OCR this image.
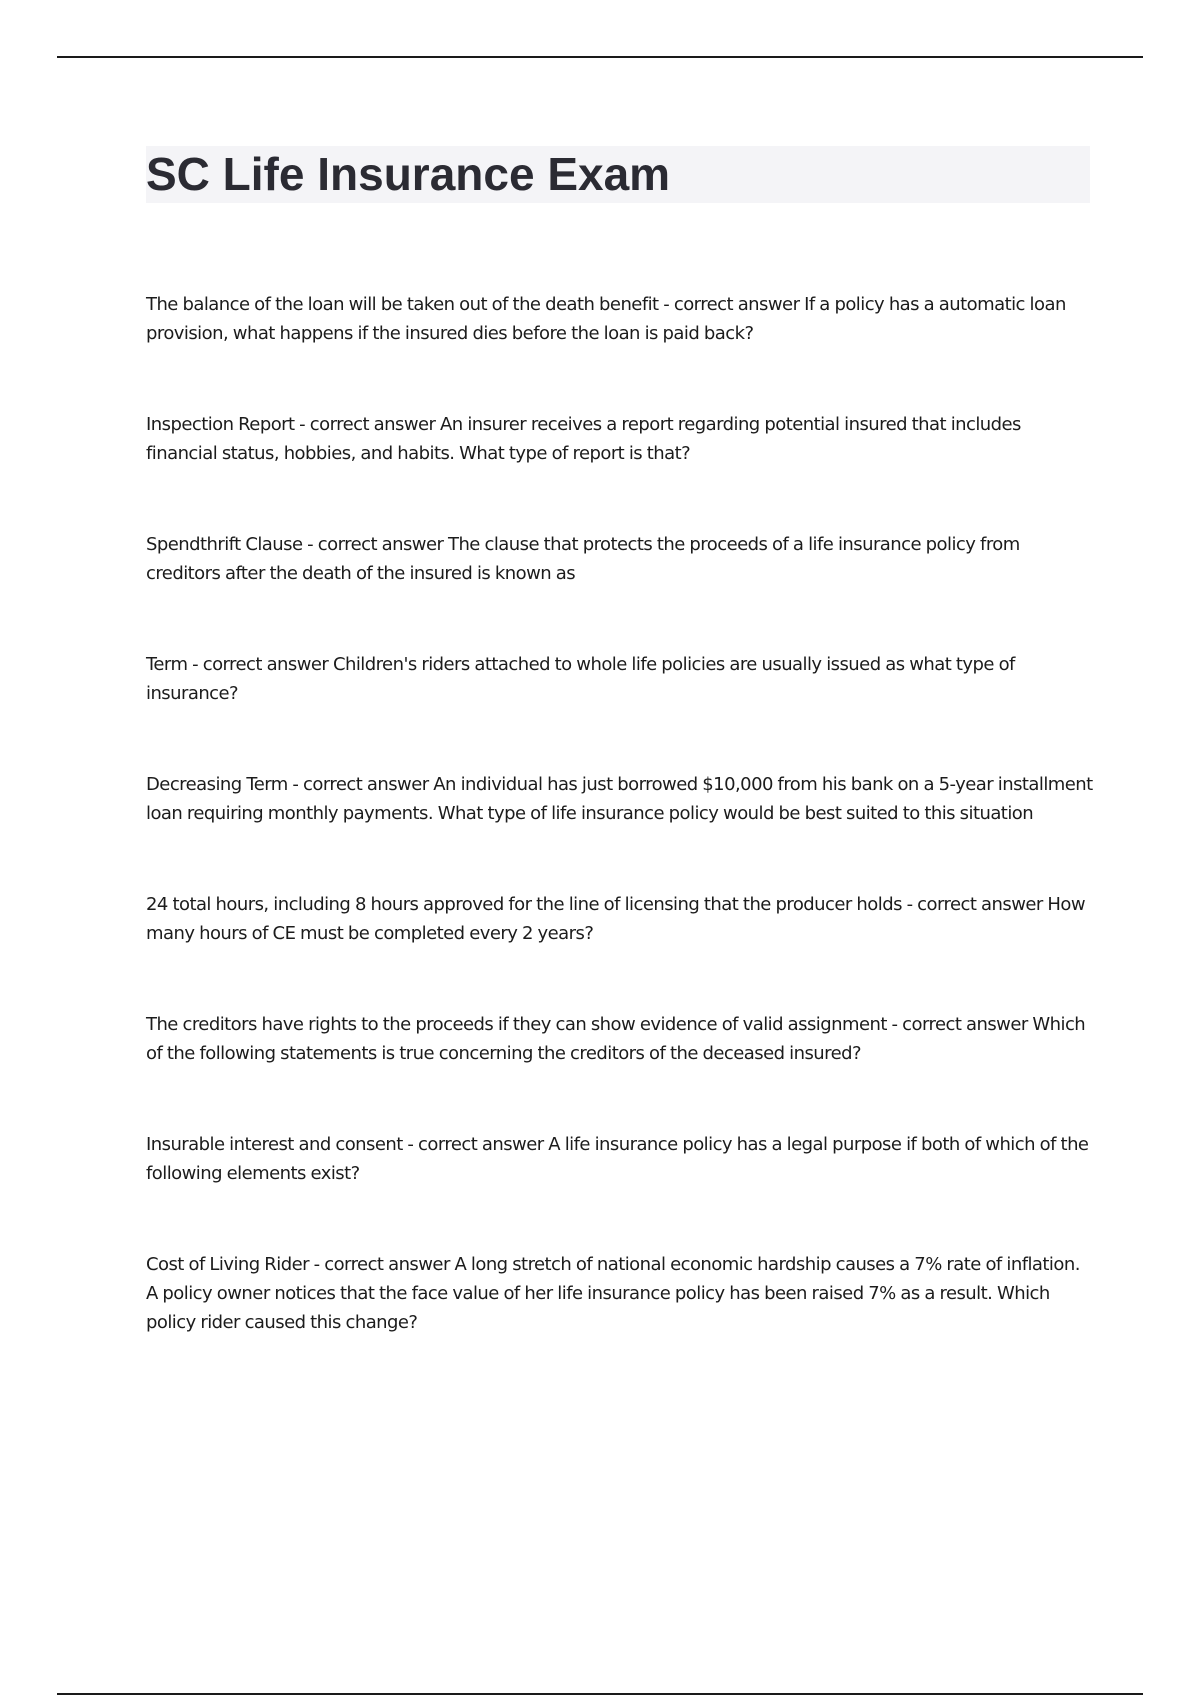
SC Life Insurance Exam
The balance of the loan will be taken out of the death benefit - correct answer If a policy has a automatic loan provision, what happens if the insured dies before the loan is paid back?
Inspection Report - correct answer An insurer receives a report regarding potential insured that includes financial status, hobbies, and habits. What type of report is that?
Spendthrift Clause - correct answer The clause that protects the proceeds of a life insurance policy from creditors after the death of the insured is known as
Term - correct answer Children's riders attached to whole life policies are usually issued as what type of insurance?
Decreasing Term - correct answer An individual has just borrowed $10,000 from his bank on a 5-year installment loan requiring monthly payments. What type of life insurance policy would be best suited to this situation
24 total hours, including 8 hours approved for the line of licensing that the producer holds - correct answer How many hours of CE must be completed every 2 years?
The creditors have rights to the proceeds if they can show evidence of valid assignment - correct answer Which of the following statements is true concerning the creditors of the deceased insured?
Insurable interest and consent - correct answer A life insurance policy has a legal purpose if both of which of the following elements exist?
Cost of Living Rider - correct answer A long stretch of national economic hardship causes a 7% rate of inflation. A policy owner notices that the face value of her life insurance policy has been raised 7% as a result. Which policy rider caused this change?
